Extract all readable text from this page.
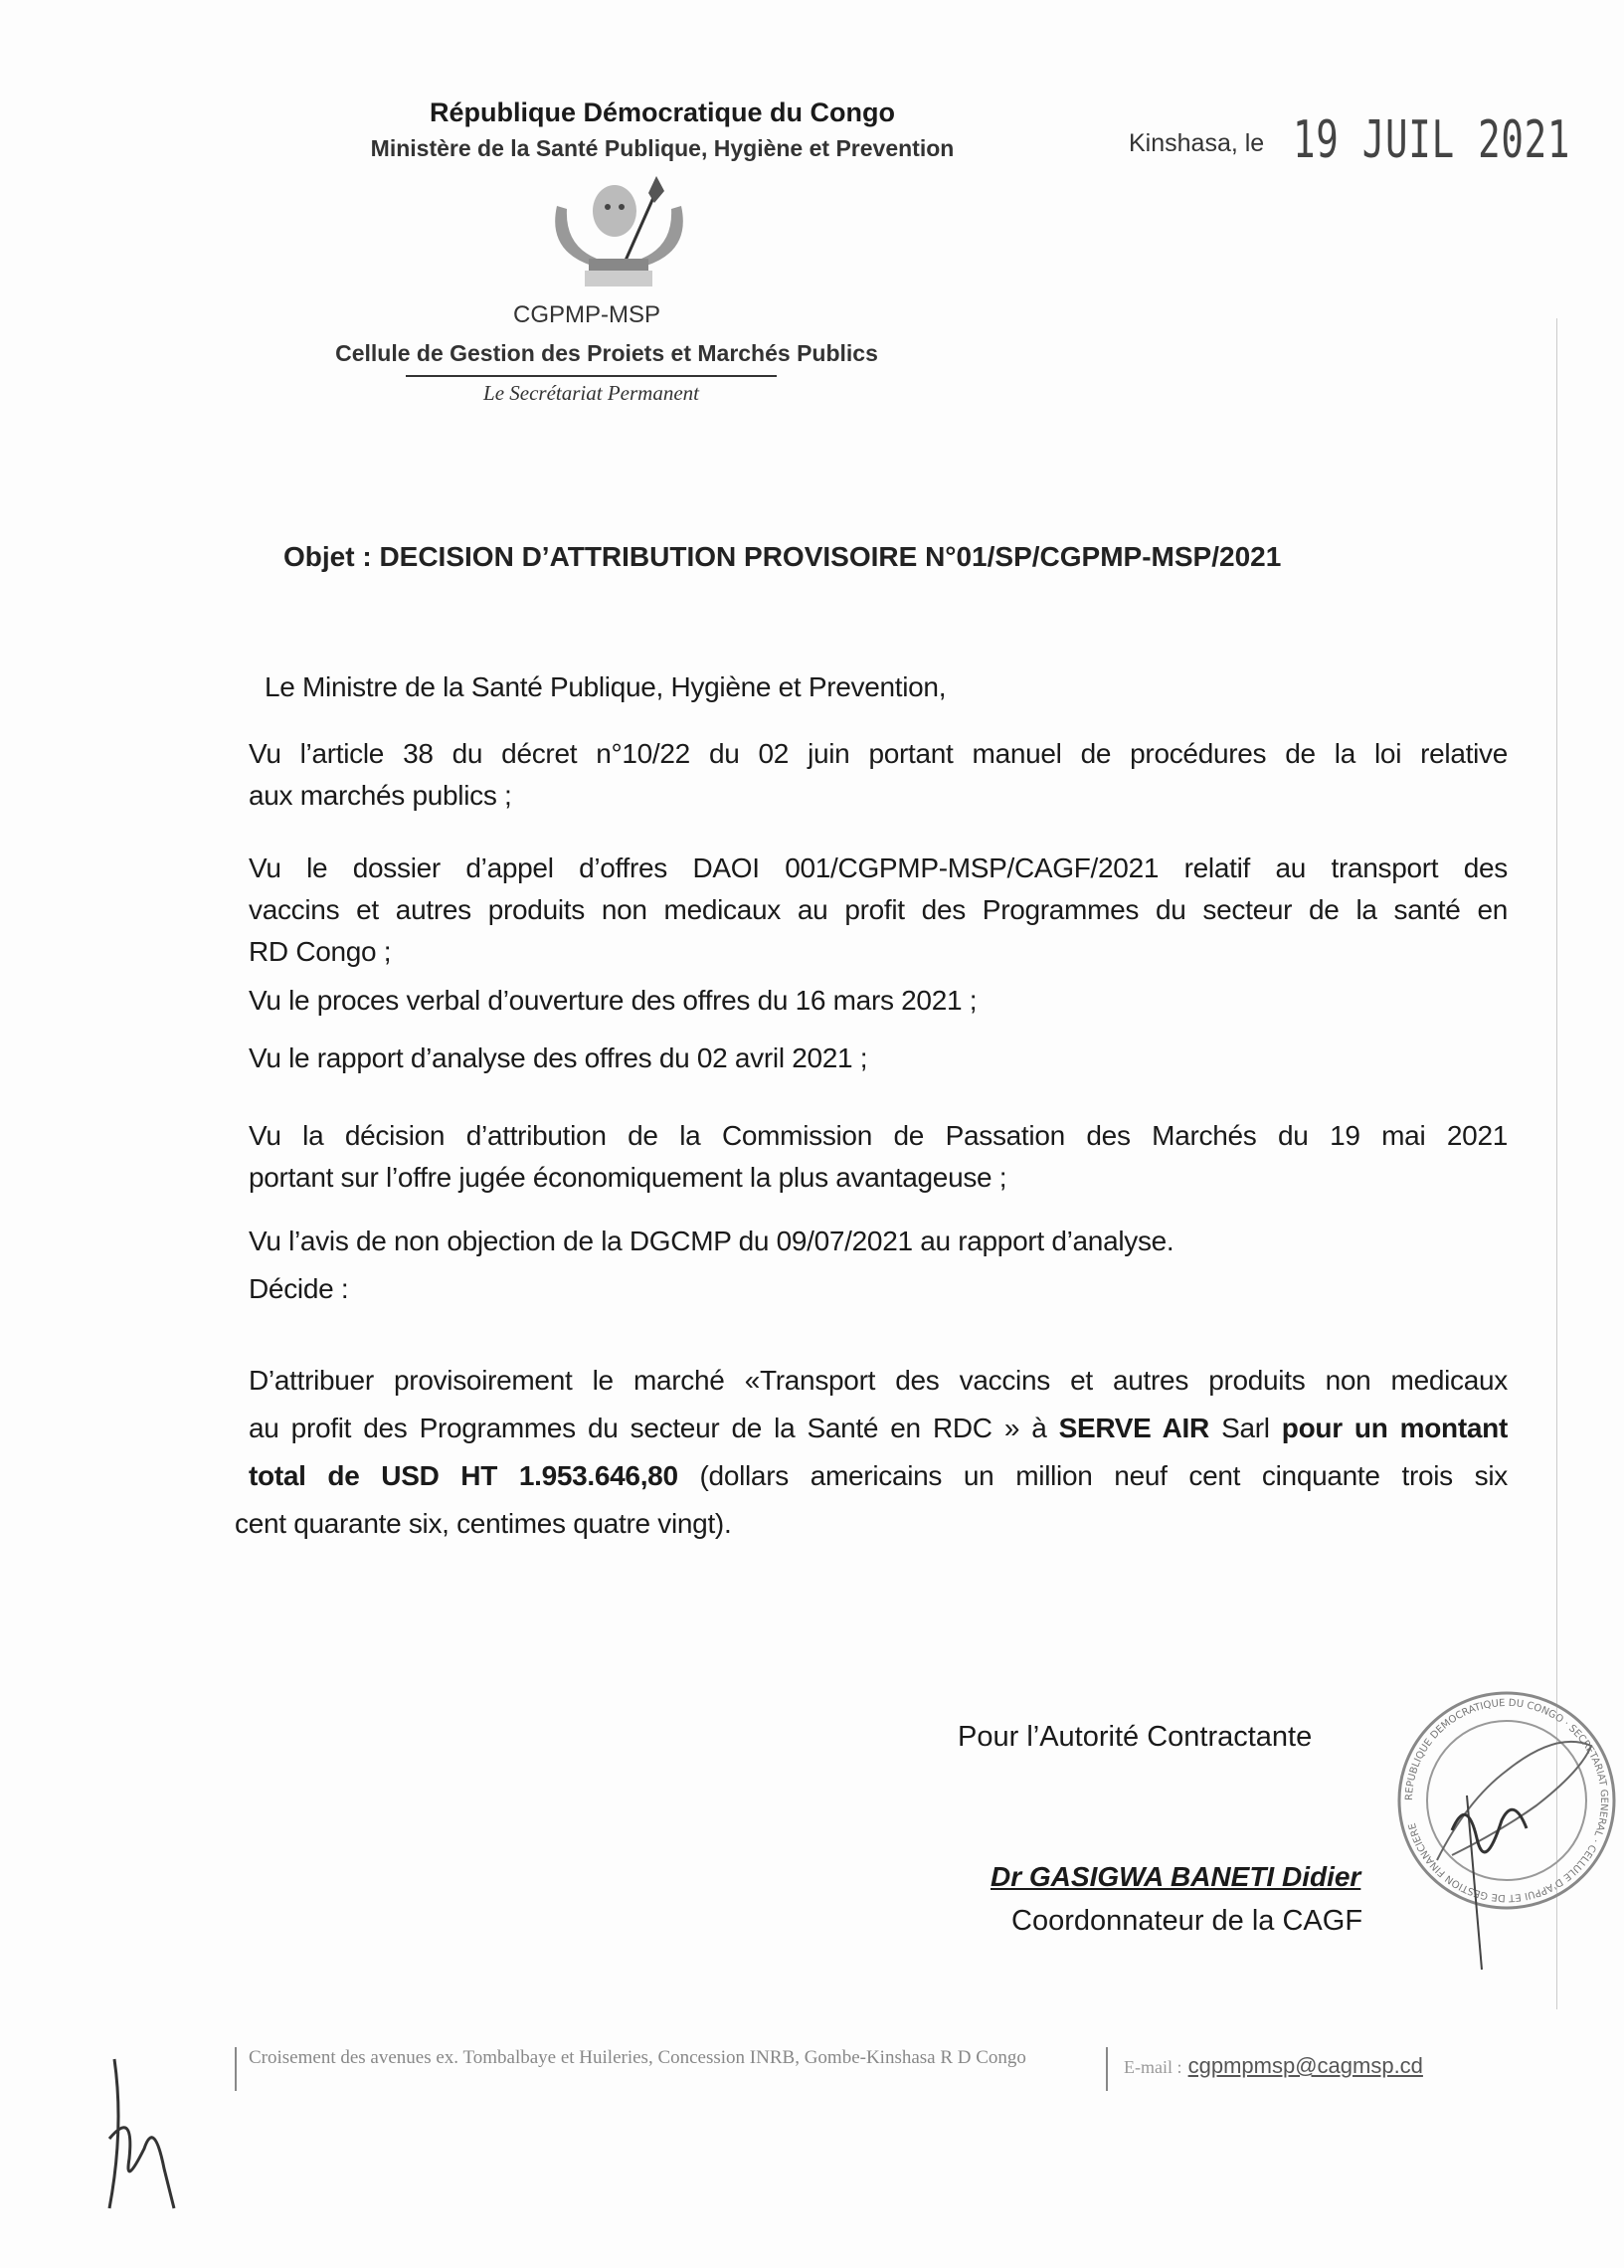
République Démocratique du Congo
Ministère de la Santé Publique, Hygiène et Prevention	Kinshasa, le 19 JUIL 2021
CGPMP-MSP
Cellule de Gestion des Proiets et Marchés Publics
Le Secrétariat Permanent
Objet : DECISION D’ATTRIBUTION PROVISOIRE N°01/SP/CGPMP-MSP/2021
Le Ministre de la Santé Publique, Hygiène et Prevention,
Vu l’article 38 du décret n°10/22 du 02 juin portant manuel de procédures de la loi relative
aux marchés publics ;
Vu le dossier d’appel d’offres DAOI 001/CGPMP-MSP/CAGF/2021 relatif au transport des
vaccins et autres produits non medicaux au profit des Programmes du secteur de la santé en
RD Congo ;
Vu le proces verbal d’ouverture des offres du 16 mars 2021 ;
Vu le rapport d’analyse des offres du 02 avril 2021 ;
Vu la décision d’attribution de la Commission de Passation des Marchés du 19 mai 2021
portant sur l’offre jugée économiquement la plus avantageuse ;
Vu l’avis de non objection de la DGCMP du 09/07/2021 au rapport d’analyse.
Décide :
D’attribuer provisoirement le marché «Transport des vaccins et autres produits non medicaux
au profit des Programmes du secteur de la Santé en RDC » à SERVE AIR Sarl pour un montant
total de USD HT 1.953.646,80 (dollars americains un million neuf cent cinquante trois six
cent quarante six, centimes quatre vingt).
Pour l’Autorité Contractante
Dr GASIGWA BANETI Didier
Coordonnateur de la CAGF
REPUBLIQUE DEMOCRATIQUE DU CONGO · SECRETARIAT GENERAL · CELLULE D'APPUI ET DE GESTION FINANCIERE
Croisement des avenues ex. Tombalbaye et Huileries, Concession INRB, Gombe-Kinshasa R D Congo	E-mail : cgpmpmsp@cagmsp.cd
